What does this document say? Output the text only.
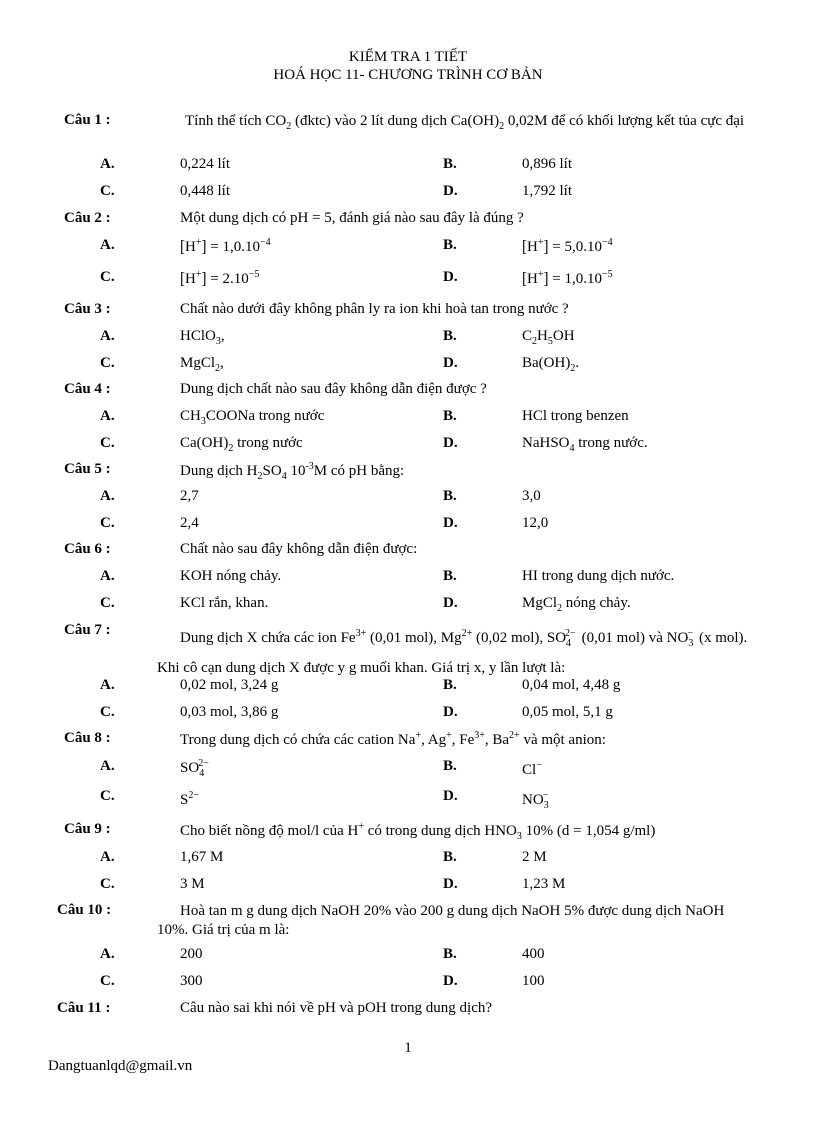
KIỂM TRA 1 TIẾT
HOÁ HỌC 11- CHƯƠNG TRÌNH CƠ BẢN
Câu 1 :	Tính thể tích $CO_2$ (đktc) vào 2 lít dung dịch $Ca(OH)_2$ 0,02M để có khối lượng kết tủa cực đại
A.	0,224 lít	B.	0,896 lít
C.	0,448 lít	D.	1,792 lít
Câu 2 :	Một dung dịch có pH = 5, đánh giá nào sau đây là đúng ?
A.	$[H^+] = 1,0.10^{-4}$	B.	$[H^+] = 5,0.10^{-4}$
C.	$[H^+] = 2.10^{-5}$	D.	$[H^+] = 1,0.10^{-5}$
Câu 3 :	Chất nào dưới đây không phân ly ra ion khi hoà tan trong nước ?
A.	HClO$_3$,	B.	$C_2H_5OH$
C.	MgCl$_2$,	D.	$Ba(OH)_2$.
Câu 4 :	Dung dịch chất nào sau đây không dẫn điện được ?
A.	$CH_3COONa$ trong nước	B.	HCl trong benzen
C.	$Ca(OH)_2$ trong nước	D.	NaHSO$_4$ trong nước.
Câu 5 :	Dung dịch $H_2SO_4$ $10^{-3}M$ có pH bằng:
A.	2,7	B.	3,0
C.	2,4	D.	12,0
Câu 6 :	Chất nào sau đây không dẫn điện được:
A.	KOH nóng chảy.	B.	HI trong dung dịch nước.
C.	KCl rắn, khan.	D.	MgCl$_2$ nóng chảy.
Câu 7 :	Dung dịch X chứa các ion $Fe^{3+}$ (0,01 mol), $Mg^{2+}$ (0,02 mol), $SO_4^{2-}$ (0,01 mol) và $NO_3^-$ (x mol). Khi cô cạn dung dịch X được y g muối khan. Giá trị x, y lần lượt là:
A.	0,02 mol, 3,24 g	B.	0,04 mol, 4,48 g
C.	0,03 mol, 3,86 g	D.	0,05 mol, 5,1 g
Câu 8 :	Trong dung dịch có chứa các cation Na+, Ag+, $Fe^{3+}$, $Ba^{2+}$ và một anion:
A.	$SO_4^{2-}$	B.	Cl−
C.	$S^{2-}$	D.	$NO_3^-$
Câu 9 :	Cho biết nồng độ mol/l của H+ có trong dung dịch $HNO_3$ 10% (d = 1,054 g/ml)
A.	1,67 M	B.	2 M
C.	3 M	D.	1,23 M
Câu 10 :	Hoà tan m g dung dịch NaOH 20% vào 200 g dung dịch NaOH 5% được dung dịch NaOH 10%. Giá trị của m là:
A.	200	B.	400
C.	300	D.	100
Câu 11 :	Câu nào sai khi nói về pH và pOH trong dung dịch?
1
Dangtuanlqd@gmail.vn
